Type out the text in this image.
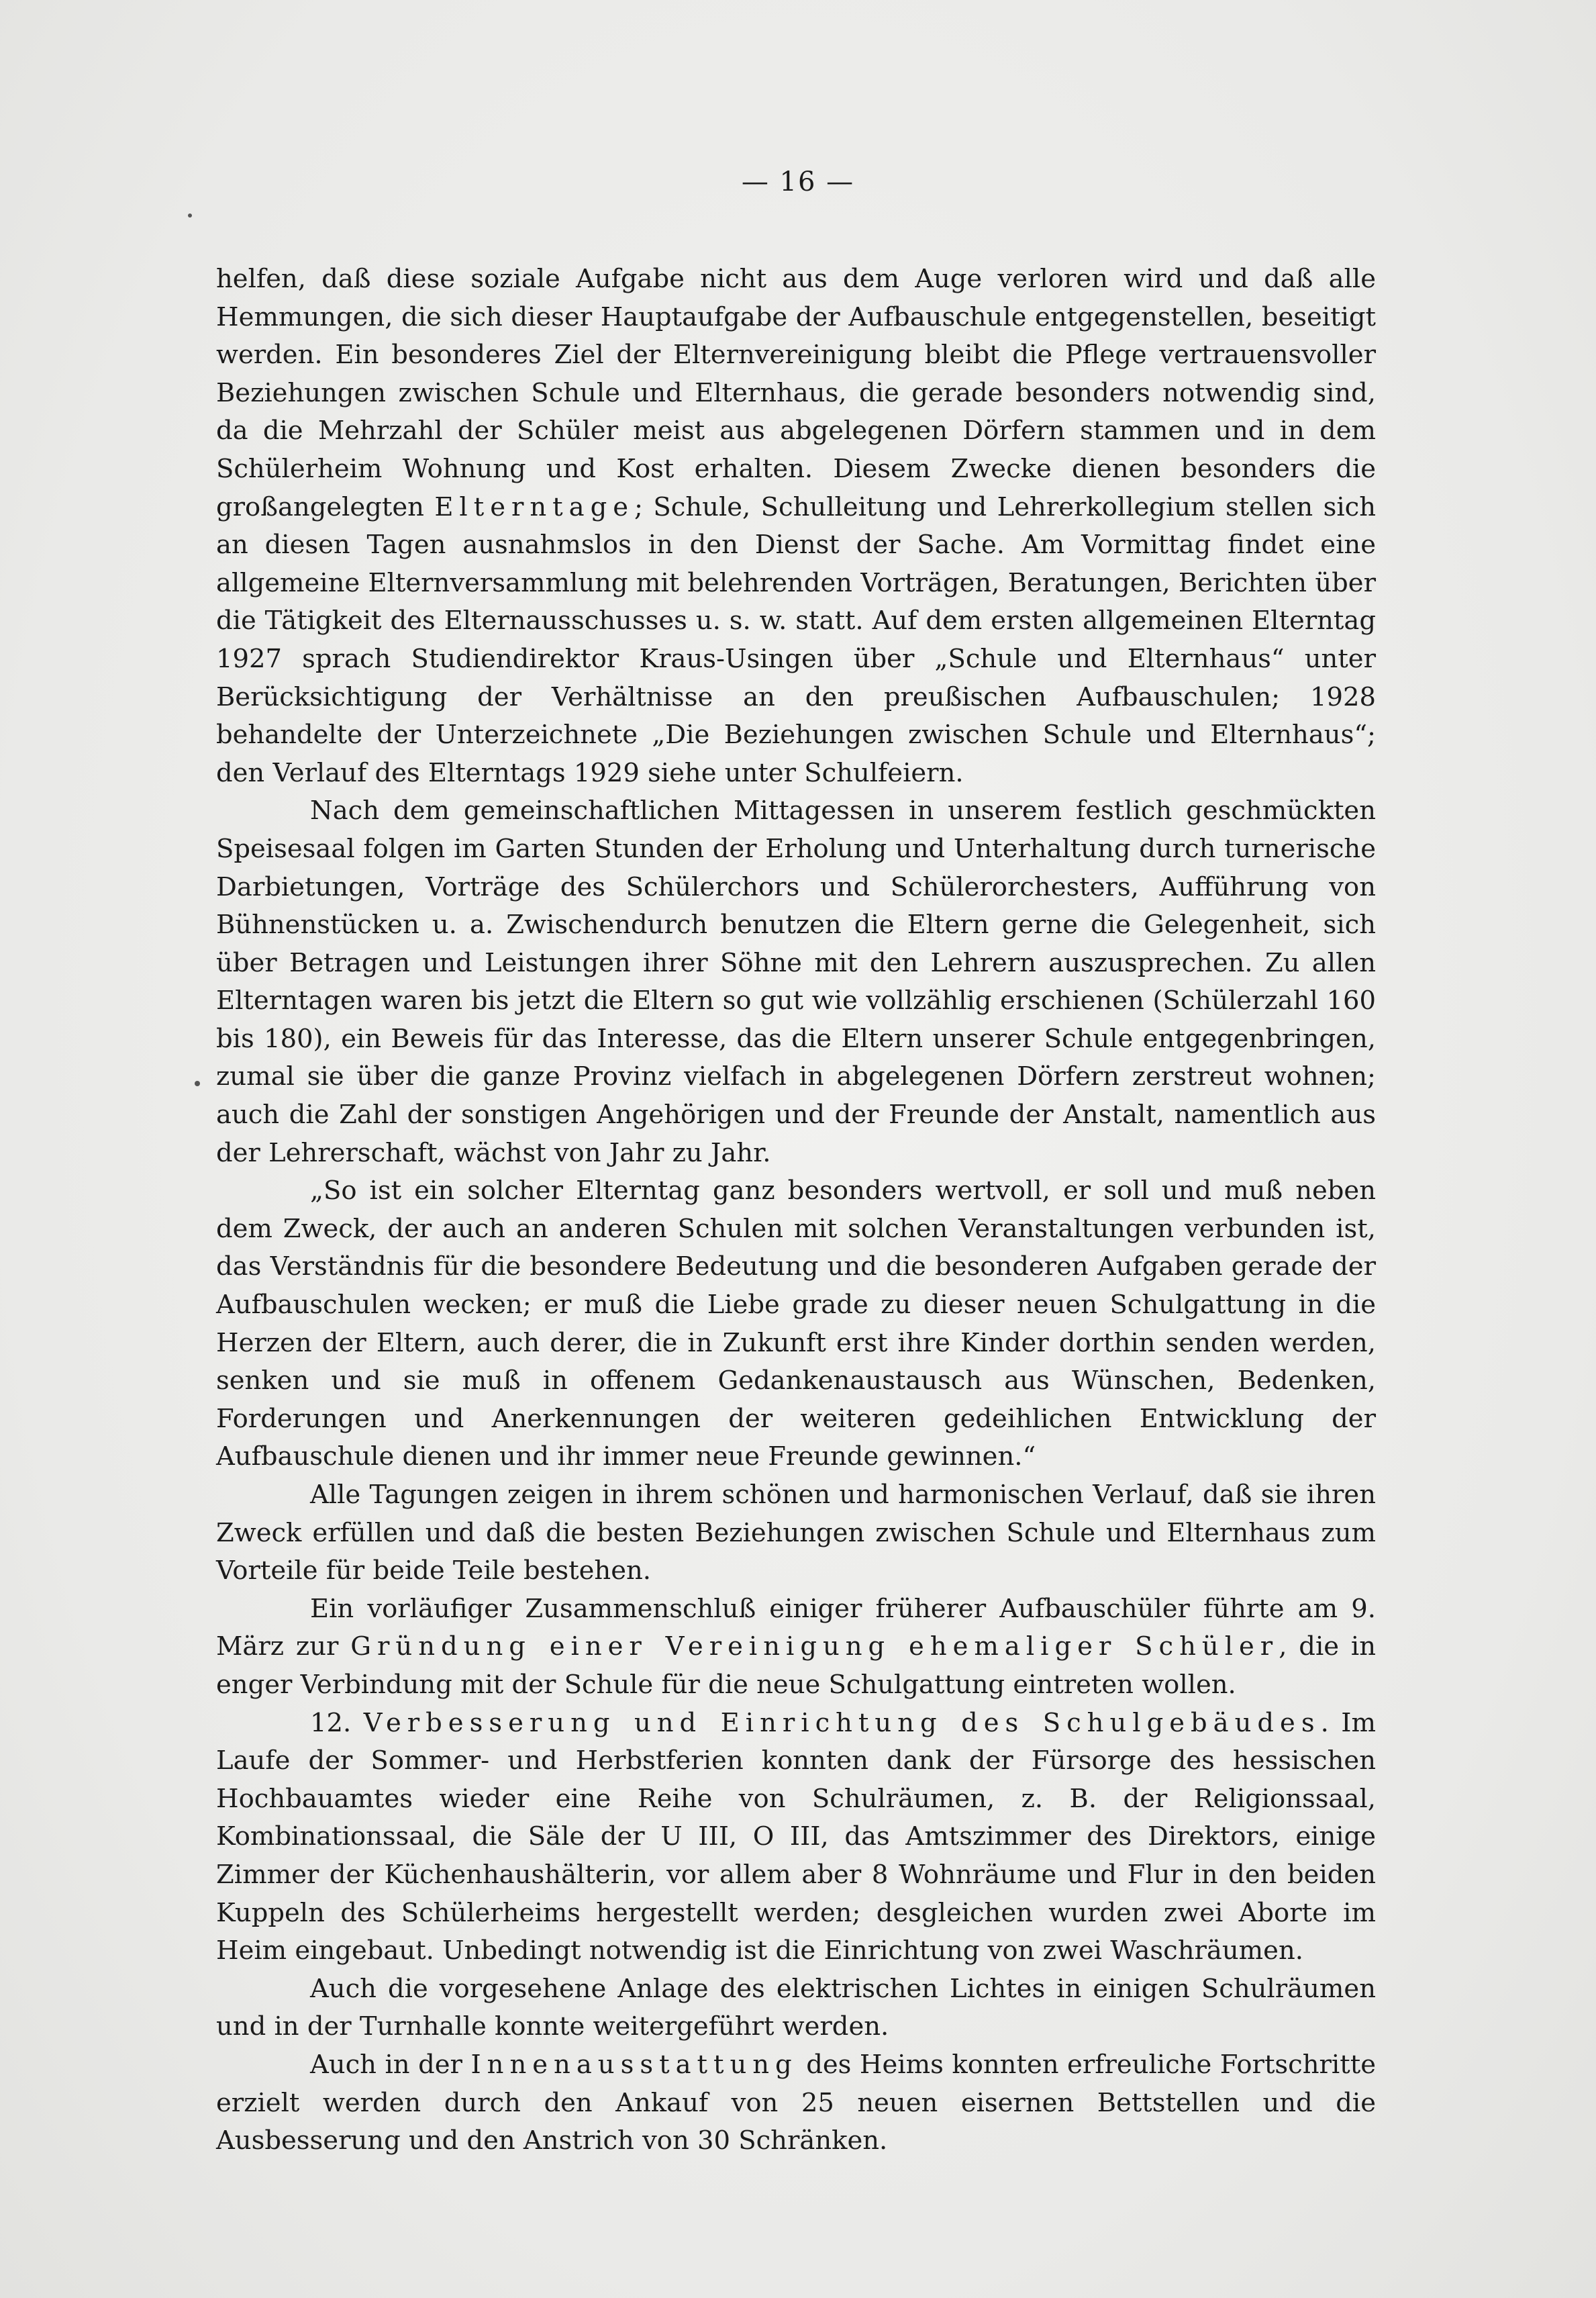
— 16 —

helfen, daß diese soziale Aufgabe nicht aus dem Auge verloren wird und daß alle Hemmungen, die sich dieser Hauptaufgabe der Aufbauschule entgegenstellen, beseitigt werden. Ein besonderes Ziel der Elternvereinigung bleibt die Pflege vertrauensvoller Beziehungen zwischen Schule und Elternhaus, die gerade besonders notwendig sind, da die Mehrzahl der Schüler meist aus abgelegenen Dörfern stammen und in dem Schülerheim Wohnung und Kost erhalten. Diesem Zwecke dienen besonders die großangelegten Elterntage; Schule, Schulleitung und Lehrerkollegium stellen sich an diesen Tagen ausnahmslos in den Dienst der Sache. Am Vormittag findet eine allgemeine Elternversammlung mit belehrenden Vorträgen, Beratungen, Berichten über die Tätigkeit des Elternausschusses u. s. w. statt. Auf dem ersten allgemeinen Elterntag 1927 sprach Studiendirektor Kraus-Usingen über „Schule und Elternhaus“ unter Berücksichtigung der Verhältnisse an den preußischen Aufbauschulen; 1928 behandelte der Unterzeichnete „Die Beziehungen zwischen Schule und Elternhaus“; den Verlauf des Elterntags 1929 siehe unter Schulfeiern.

Nach dem gemeinschaftlichen Mittagessen in unserem festlich geschmückten Speisesaal folgen im Garten Stunden der Erholung und Unterhaltung durch turnerische Darbietungen, Vorträge des Schülerchors und Schülerorchesters, Aufführung von Bühnenstücken u. a. Zwischendurch benutzen die Eltern gerne die Gelegenheit, sich über Betragen und Leistungen ihrer Söhne mit den Lehrern auszusprechen. Zu allen Elterntagen waren bis jetzt die Eltern so gut wie vollzählig erschienen (Schülerzahl 160 bis 180), ein Beweis für das Interesse, das die Eltern unserer Schule entgegenbringen, zumal sie über die ganze Provinz vielfach in abgelegenen Dörfern zerstreut wohnen; auch die Zahl der sonstigen Angehörigen und der Freunde der Anstalt, namentlich aus der Lehrerschaft, wächst von Jahr zu Jahr.

„So ist ein solcher Elterntag ganz besonders wertvoll, er soll und muß neben dem Zweck, der auch an anderen Schulen mit solchen Veranstaltungen verbunden ist, das Verständnis für die besondere Bedeutung und die besonderen Aufgaben gerade der Aufbauschulen wecken; er muß die Liebe grade zu dieser neuen Schulgattung in die Herzen der Eltern, auch derer, die in Zukunft erst ihre Kinder dorthin senden werden, senken und sie muß in offenem Gedankenaustausch aus Wünschen, Bedenken, Forderungen und Anerkennungen der weiteren gedeihlichen Entwicklung der Aufbauschule dienen und ihr immer neue Freunde gewinnen.“

Alle Tagungen zeigen in ihrem schönen und harmonischen Verlauf, daß sie ihren Zweck erfüllen und daß die besten Beziehungen zwischen Schule und Elternhaus zum Vorteile für beide Teile bestehen.

Ein vorläufiger Zusammenschluß einiger früherer Aufbauschüler führte am 9. März zur Gründung einer Vereinigung ehemaliger Schüler, die in enger Verbindung mit der Schule für die neue Schulgattung eintreten wollen.

12. Verbesserung und Einrichtung des Schulgebäudes. Im Laufe der Sommer- und Herbstferien konnten dank der Fürsorge des hessischen Hochbauamtes wieder eine Reihe von Schulräumen, z. B. der Religionssaal, Kombinationssaal, die Säle der U III, O III, das Amtszimmer des Direktors, einige Zimmer der Küchenhaushälterin, vor allem aber 8 Wohnräume und Flur in den beiden Kuppeln des Schülerheims hergestellt werden; desgleichen wurden zwei Aborte im Heim eingebaut. Unbedingt notwendig ist die Einrichtung von zwei Waschräumen.

Auch die vorgesehene Anlage des elektrischen Lichtes in einigen Schulräumen und in der Turnhalle konnte weitergeführt werden.

Auch in der Innenausstattung des Heims konnten erfreuliche Fortschritte erzielt werden durch den Ankauf von 25 neuen eisernen Bettstellen und die Ausbesserung und den Anstrich von 30 Schränken.
